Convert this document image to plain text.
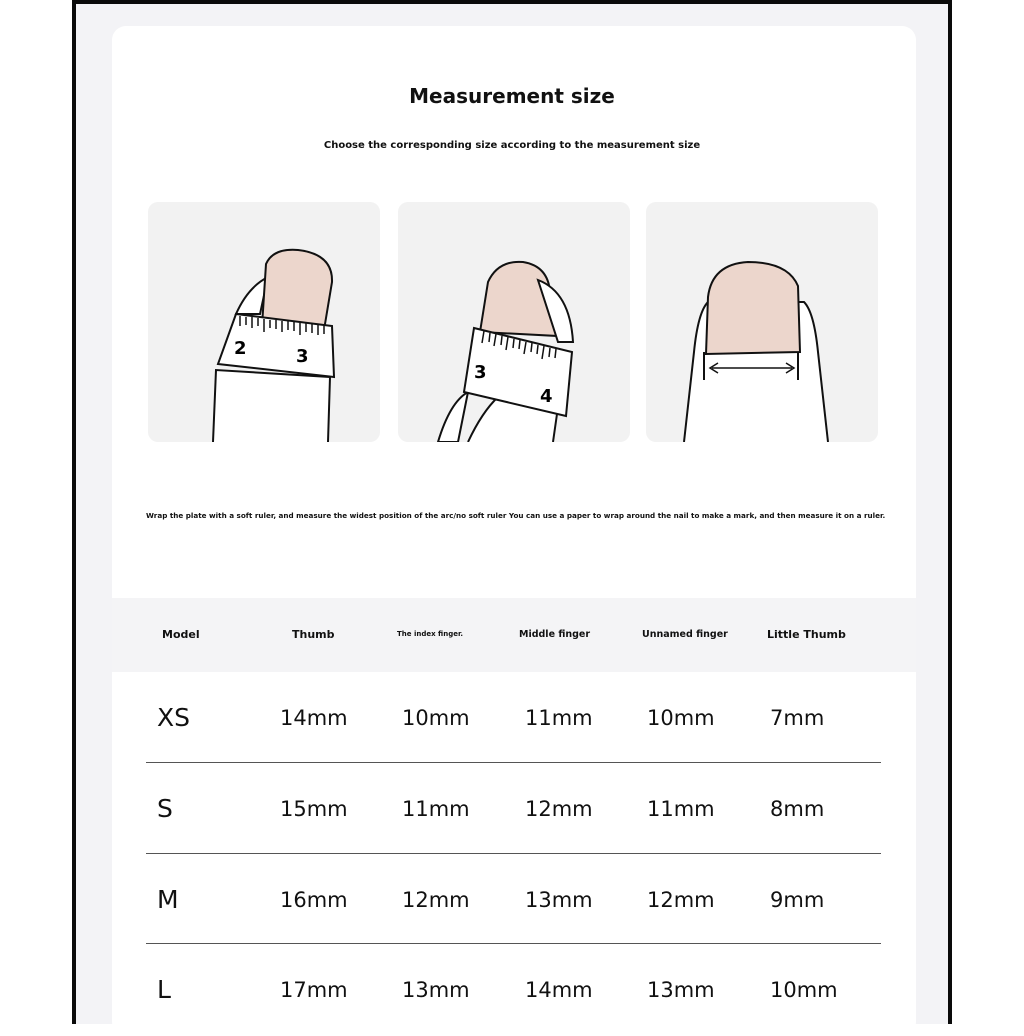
Measurement size
Choose the corresponding size according to the measurement size
2	3
3
4
Wrap the plate with a soft ruler, and measure the widest position of the arc/no soft ruler You can use a paper to wrap around the nail to make a mark, and then measure it on a ruler.
Model	Thumb	The index finger.	Middle finger	Unnamed finger	Little Thumb
XS	14mm	10mm	11mm	10mm	7mm
S	15mm	11mm	12mm	11mm	8mm
M	16mm	12mm	13mm	12mm	9mm
L	17mm	13mm	14mm	13mm	10mm
